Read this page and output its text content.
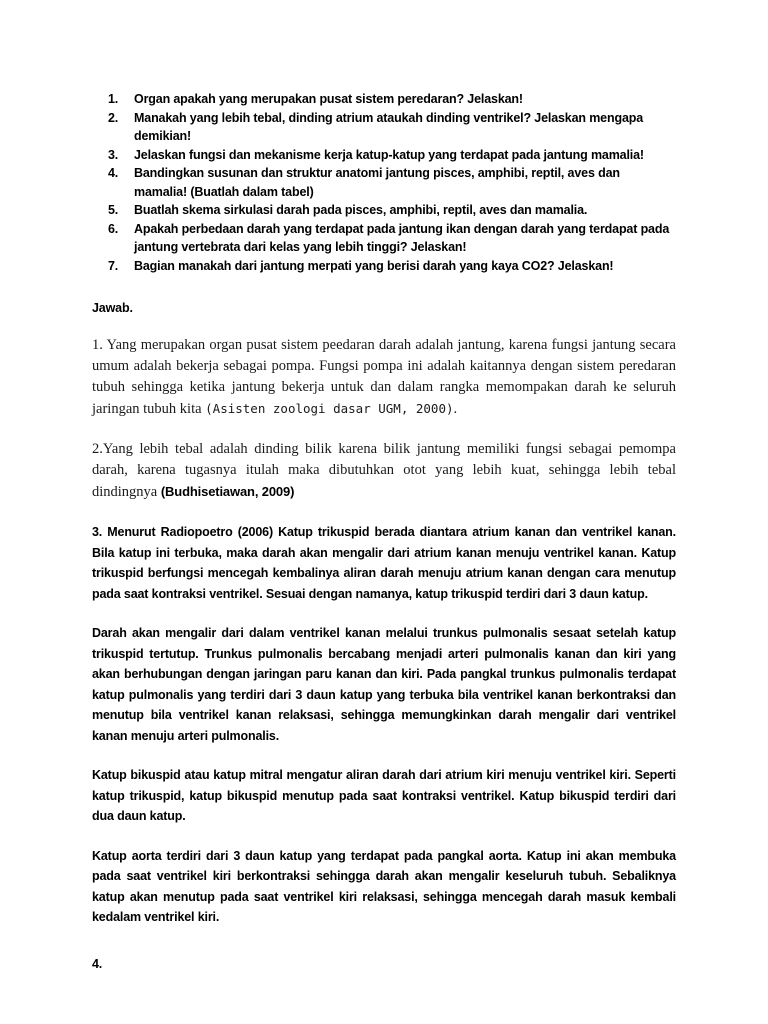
1.	Organ apakah yang merupakan pusat sistem peredaran? Jelaskan!
2.	Manakah yang lebih tebal, dinding atrium ataukah dinding ventrikel? Jelaskan mengapa demikian!
3.	Jelaskan fungsi dan mekanisme kerja katup-katup yang terdapat pada jantung mamalia!
4.	Bandingkan susunan dan struktur anatomi jantung pisces, amphibi, reptil, aves dan mamalia! (Buatlah dalam tabel)
5.	Buatlah skema sirkulasi darah pada pisces, amphibi, reptil, aves dan mamalia.
6.	Apakah perbedaan darah yang terdapat pada jantung ikan dengan darah yang terdapat pada jantung vertebrata dari kelas yang lebih tinggi? Jelaskan!
7.	Bagian manakah dari jantung merpati yang berisi darah yang kaya CO2? Jelaskan!

Jawab.

1. Yang merupakan organ pusat sistem peedaran darah adalah jantung, karena fungsi jantung secara umum adalah bekerja sebagai pompa. Fungsi pompa ini adalah kaitannya dengan sistem peredaran tubuh sehingga ketika jantung bekerja untuk dan dalam rangka memompakan darah ke seluruh jaringan tubuh kita (Asisten zoologi dasar UGM, 2000).

2.Yang lebih tebal adalah dinding bilik karena bilik jantung memiliki fungsi sebagai pemompa darah, karena tugasnya itulah maka dibutuhkan otot yang lebih kuat, sehingga lebih tebal dindingnya (Budhisetiawan, 2009)

3. Menurut Radiopoetro (2006) Katup trikuspid berada diantara atrium kanan dan ventrikel kanan. Bila katup ini terbuka, maka darah akan mengalir dari atrium kanan menuju ventrikel kanan. Katup trikuspid berfungsi mencegah kembalinya aliran darah menuju atrium kanan dengan cara menutup pada saat kontraksi ventrikel. Sesuai dengan namanya, katup trikuspid terdiri dari 3 daun katup.

Darah akan mengalir dari dalam ventrikel kanan melalui trunkus pulmonalis sesaat setelah katup trikuspid tertutup. Trunkus pulmonalis bercabang menjadi arteri pulmonalis kanan dan kiri yang akan berhubungan dengan jaringan paru kanan dan kiri. Pada pangkal trunkus pulmonalis terdapat katup pulmonalis yang terdiri dari 3 daun katup yang terbuka bila ventrikel kanan berkontraksi dan menutup bila ventrikel kanan relaksasi, sehingga memungkinkan darah mengalir dari ventrikel kanan menuju arteri pulmonalis.

Katup bikuspid atau katup mitral mengatur aliran darah dari atrium kiri menuju ventrikel kiri. Seperti katup trikuspid, katup bikuspid menutup pada saat kontraksi ventrikel. Katup bikuspid terdiri dari dua daun katup.

Katup aorta terdiri dari 3 daun katup yang terdapat pada pangkal aorta. Katup ini akan membuka pada saat ventrikel kiri berkontraksi sehingga darah akan mengalir keseluruh tubuh. Sebaliknya katup akan menutup pada saat ventrikel kiri relaksasi, sehingga mencegah darah masuk kembali kedalam ventrikel kiri.

4.
